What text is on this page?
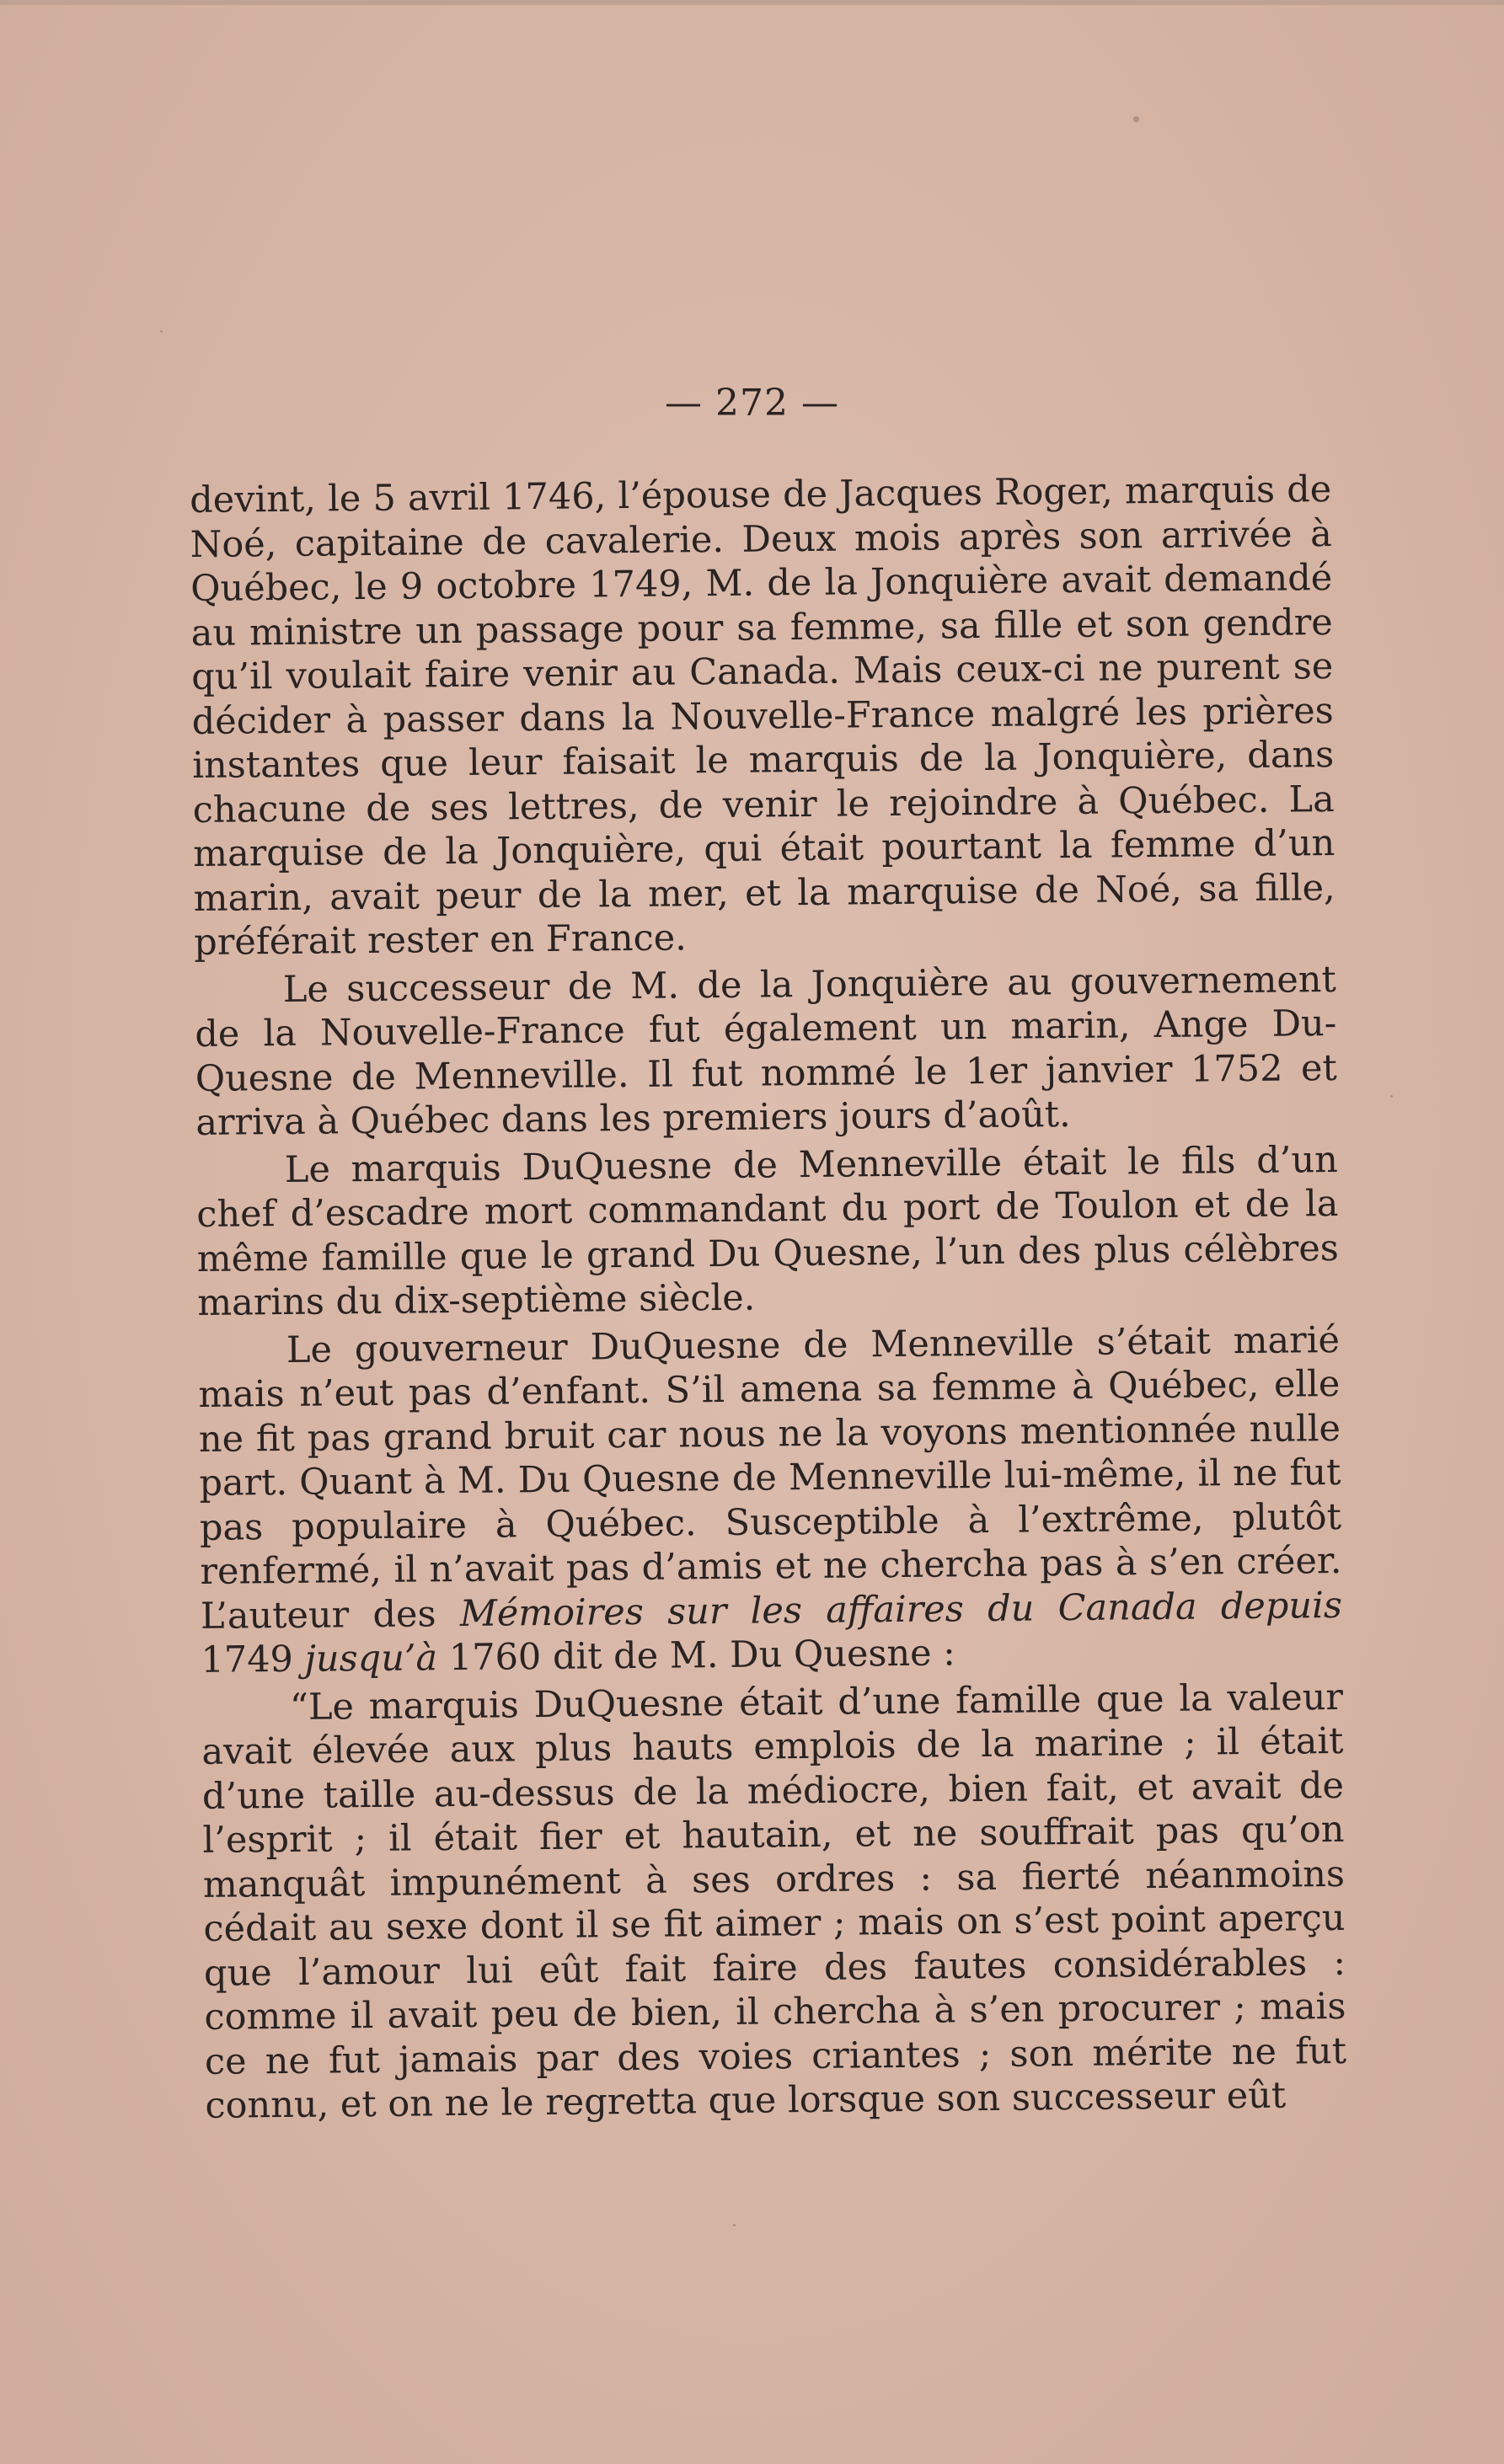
— 272 —

devint, le 5 avril 1746, l’épouse de Jacques Roger, marquis de Noé, capitaine de cavalerie. Deux mois après son arrivée à Québec, le 9 octobre 1749, M. de la Jonquière avait demandé au ministre un passage pour sa femme, sa fille et son gendre qu’il voulait faire venir au Canada. Mais ceux-ci ne purent se décider à passer dans la Nouvelle-France malgré les prières instantes que leur faisait le marquis de la Jonquière, dans chacune de ses lettres, de venir le rejoindre à Québec. La marquise de la Jonquière, qui était pourtant la femme d’un marin, avait peur de la mer, et la marquise de Noé, sa fille, préférait rester en France.

Le successeur de M. de la Jonquière au gouvernement de la Nouvelle-France fut également un marin, Ange Du-Quesne de Menneville. Il fut nommé le 1er janvier 1752 et arriva à Québec dans les premiers jours d’août.

Le marquis DuQuesne de Menneville était le fils d’un chef d’escadre mort commandant du port de Toulon et de la même famille que le grand Du Quesne, l’un des plus célèbres marins du dix-septième siècle.

Le gouverneur DuQuesne de Menneville s’était marié mais n’eut pas d’enfant. S’il amena sa femme à Québec, elle ne fit pas grand bruit car nous ne la voyons mentionnée nulle part. Quant à M. Du Quesne de Menneville lui-même, il ne fut pas populaire à Québec. Susceptible à l’extrême, plutôt renfermé, il n’avait pas d’amis et ne chercha pas à s’en créer. L’auteur des Mémoires sur les affaires du Canada depuis 1749 jusqu’à 1760 dit de M. Du Quesne :

“Le marquis DuQuesne était d’une famille que la valeur avait élevée aux plus hauts emplois de la marine ; il était d’une taille au-dessus de la médiocre, bien fait, et avait de l’esprit ; il était fier et hautain, et ne souffrait pas qu’on manquât impunément à ses ordres : sa fierté néanmoins cédait au sexe dont il se fit aimer ; mais on s’est point aperçu que l’amour lui eût fait faire des fautes considérables : comme il avait peu de bien, il chercha à s’en procurer ; mais ce ne fut jamais par des voies criantes ; son mérite ne fut connu, et on ne le regretta que lorsque son successeur eût
